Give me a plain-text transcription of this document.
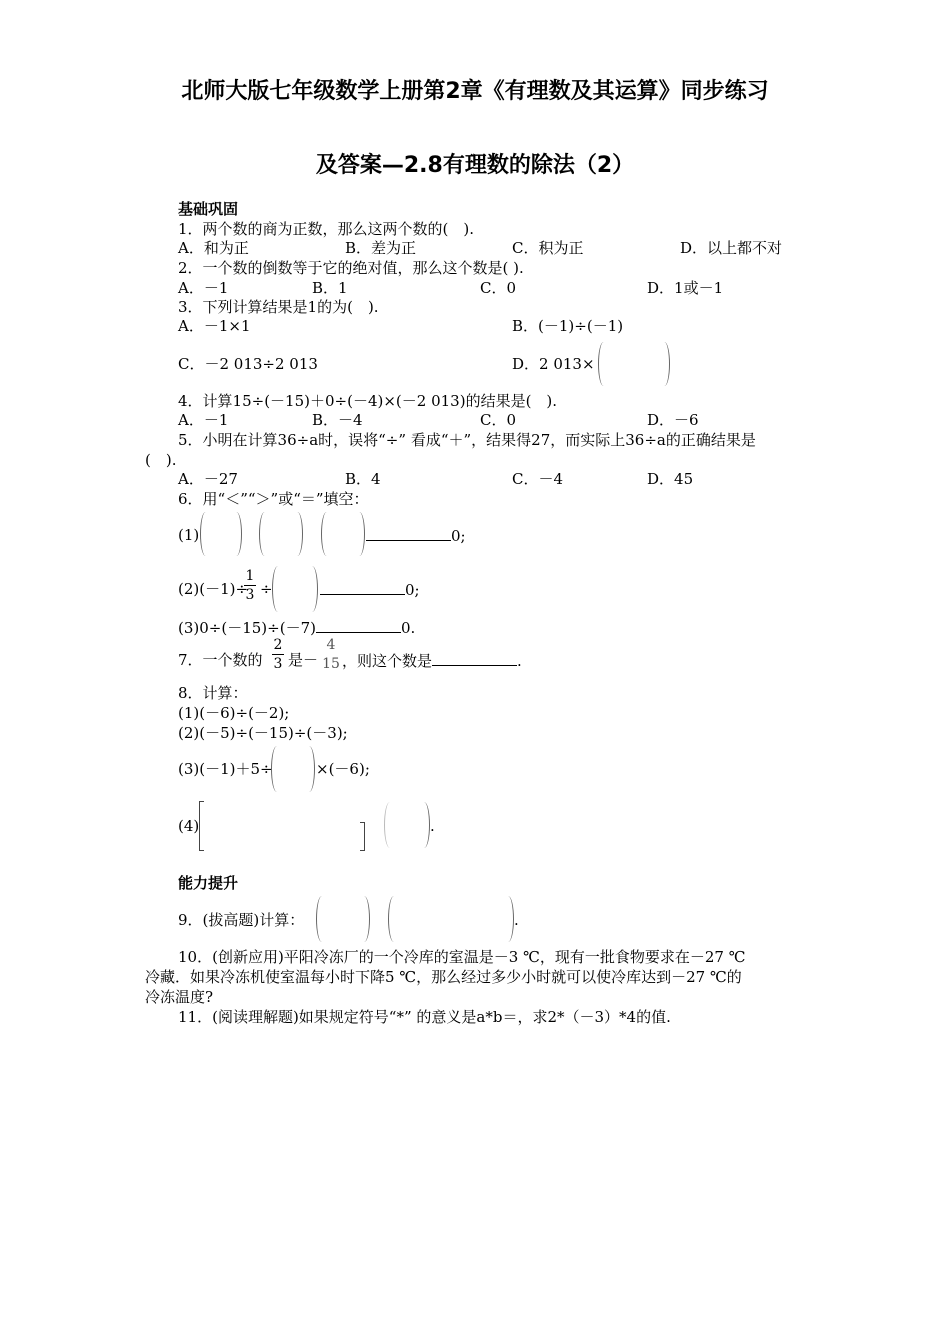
北师大版七年级数学上册第2章《有理数及其运算》同步练习
及答案—2.8有理数的除法（2）
基础巩固
1．两个数的商为正数，那么这两个数的(　).
A．和为正	B．差为正	C．积为正	D．以上都不对
2．一个数的倒数等于它的绝对值，那么这个数是( ).
A．－1	B．1	C．0	D．1或－1
3．下列计算结果是1的为(　).
A．－1×1	B．(－1)÷(－1)
C．－2 013÷2 013	D．2 013×
4．计算15÷(－15)＋0÷(－4)×(－2 013)的结果是(　).
A．－1	B．－4	C．0	D．－6
5．小明在计算36÷a时，误将“÷” 看成“＋”，结果得27，而实际上36÷a的正确结果是
(　).
A．－27	B．4	C．－4	D．45
6．用“＜”“＞”或“＝”填空：
(1)	0;
(2)(－1)÷
1
3 ÷	0;
(3)0÷(－15)÷(－7)	0.
7．一个数的
2
3 是－
4
15 ，则这个数是	.
8．计算：
(1)(－6)÷(－2);
(2)(－5)÷(－15)÷(－3);
(3)(－1)＋5÷	×(－6);
(4)	.
能力提升
9．(拔高题)计算：	.
10．(创新应用)平阳冷冻厂的一个冷库的室温是－3 ℃，现有一批食物要求在－27 ℃
冷藏．如果冷冻机使室温每小时下降5 ℃，那么经过多少小时就可以使冷库达到－27 ℃的
冷冻温度?
11．(阅读理解题)如果规定符号“*” 的意义是a*b＝，求2*（－3）*4的值.
